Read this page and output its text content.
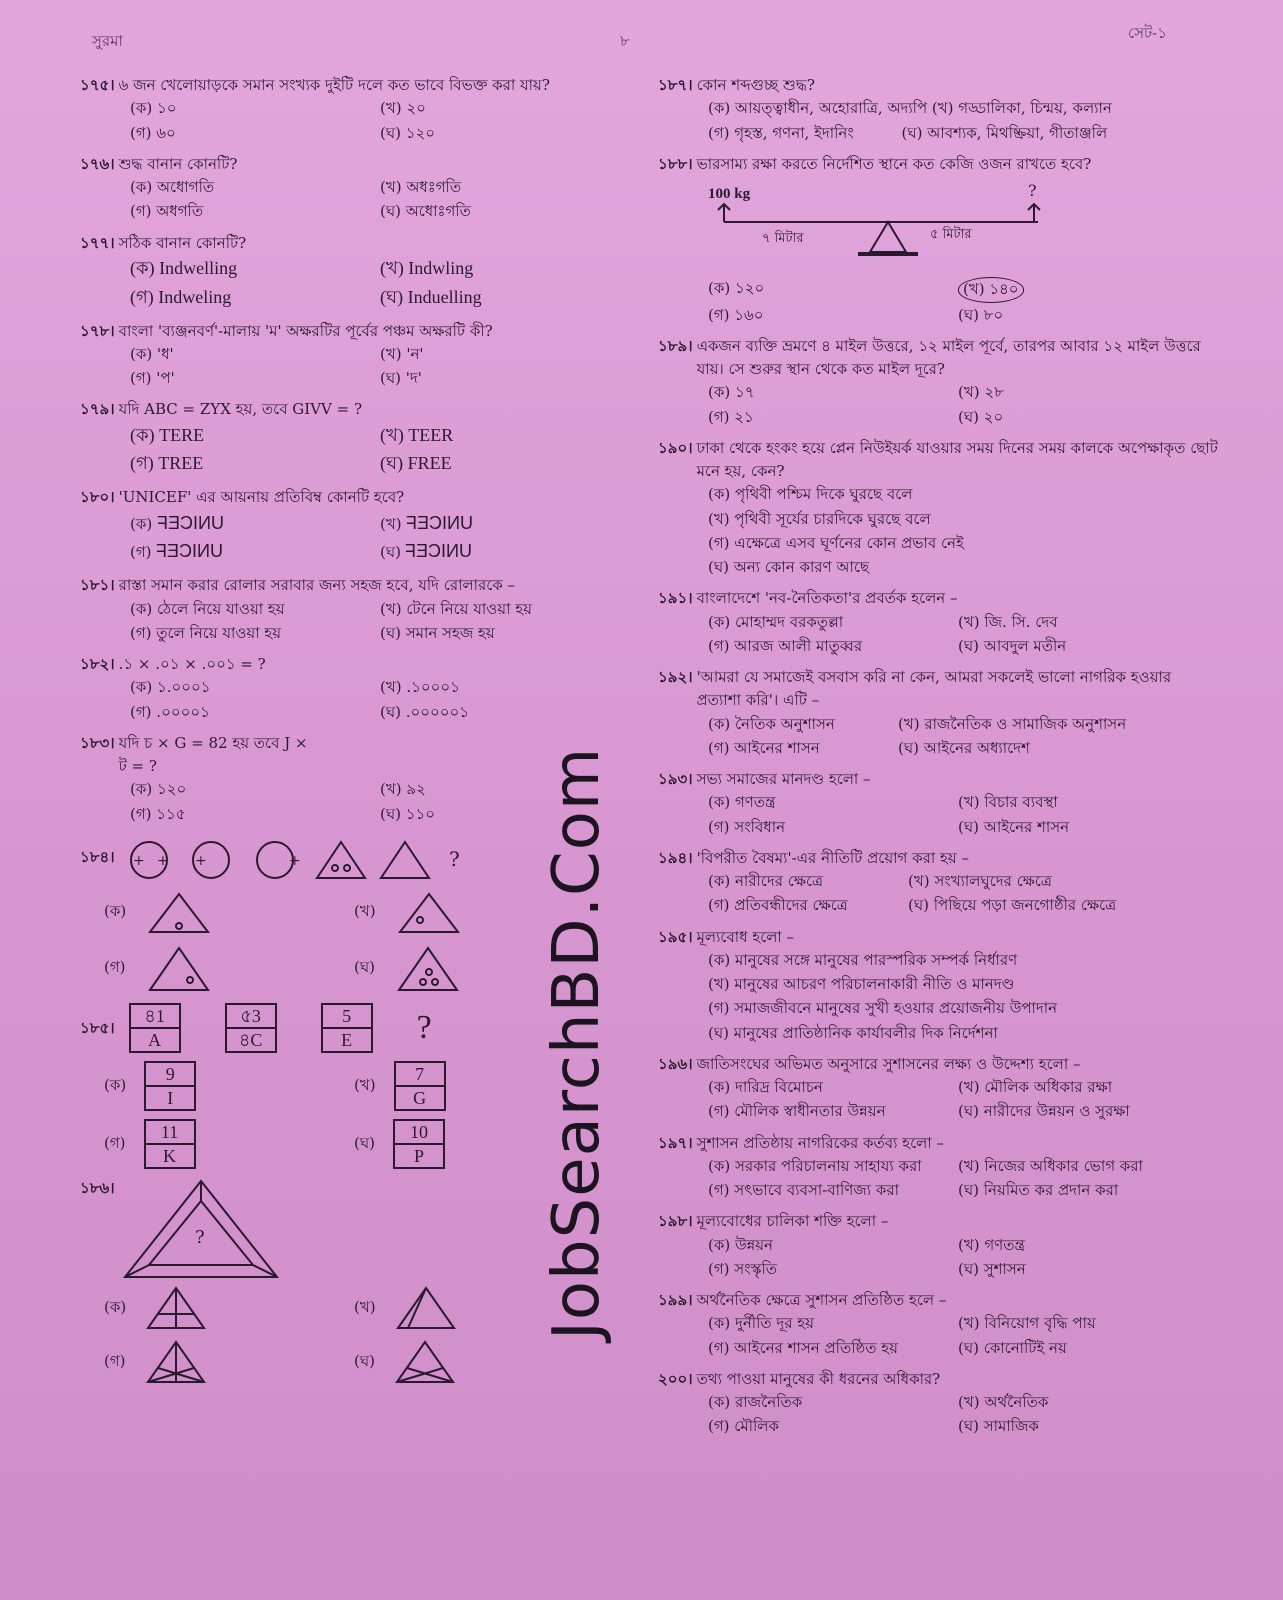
সুরমা	৮	সেট-১
JobSearchBD.Com
১৭৫। ৬ জন খেলোয়াড়কে সমান সংখ্যক দুইটি দলে কত ভাবে বিভক্ত করা যায়?
(ক) ১০	(খ) ২০
(গ) ৬০	(ঘ) ১২০
১৭৬। শুদ্ধ বানান কোনটি?
(ক) অধোগতি	(খ) অধঃগতি
(গ) অধগতি	(ঘ) অধোঃগতি
১৭৭। সঠিক বানান কোনটি?
(ক) Indwelling	(খ) Indwling
(গ) Indweling	(ঘ) Induelling
১৭৮। বাংলা 'ব্যঞ্জনবর্ণ'-মালায় 'ম' অক্ষরটির পূর্বের পঞ্চম অক্ষরটি কী?
(ক) 'ধ'	(খ) 'ন'
(গ) 'প'	(ঘ) 'দ'
১৭৯। যদি ABC = ZYX হয়, তবে GIVV = ?
(ক) TERE	(খ) TEER
(গ) TREE	(ঘ) FREE
১৮০। 'UNICEF' এর আয়নায় প্রতিবিম্ব কোনটি হবে?
(ক) UNICEF	(খ) UNICEF
(গ) UNICEF	(ঘ) UNICEF
১৮১। রাস্তা সমান করার রোলার সরাবার জন্য সহজ হবে, যদি রোলারকে –
(ক) ঠেলে নিয়ে যাওয়া হয়	(খ) টেনে নিয়ে যাওয়া হয়
(গ) তুলে নিয়ে যাওয়া হয়	(ঘ) সমান সহজ হয়
১৮২। .১ × .০১ × .০০১ = ?
(ক) ১.০০০১	(খ) .১০০০১
(গ) .০০০০১	(ঘ) .০০০০০১
১৮৩। যদি চ × G = 82 হয় তবে J × ট = ?
(ক) ১২০	(খ) ৯২
(গ) ১১৫	(ঘ) ১১০
১৮৪। + + +	+	?
(ক)	(খ)
(গ)	(ঘ)
১৮৫।
৪1
A
৫3
৪C
5
E	?
(ক)
9
I
(খ)
7
G
(গ)
11
K
(ঘ)
10
P
১৮৬।
?
(ক)	(খ)
(গ)	(ঘ)
১৮৭। কোন শব্দগুচ্ছ শুদ্ধ?
(ক) আয়ত্ত্বাধীন, অহোরাত্রি, অদ্যপি (খ) গড্ডালিকা, চিন্ময়, কল্যান
(গ) গৃহস্ত, গণনা, ইদানিং          (ঘ) আবশ্যক, মিথষ্ক্রিয়া, গীতাঞ্জলি
১৮৮। ভারসাম্য রক্ষা করতে নির্দেশিত স্থানে কত কেজি ওজন রাখতে হবে?
100 kg	?
৭ মিটার	৫ মিটার
(ক) ১২০	(খ) ১৪০
(গ) ১৬০	(ঘ) ৮০
১৮৯। একজন ব্যক্তি ভ্রমণে ৪ মাইল উত্তরে, ১২ মাইল পূর্বে, তারপর আবার ১২ মাইল উত্তরে যায়। সে শুরুর স্থান থেকে কত মাইল দূরে?
(ক) ১৭	(খ) ২৮
(গ) ২১	(ঘ) ২০
১৯০। ঢাকা থেকে হংকং হয়ে প্লেন নিউইয়র্ক যাওয়ার সময় দিনের সময় কালকে অপেক্ষাকৃত ছোট মনে হয়, কেন?
(ক) পৃথিবী পশ্চিম দিকে ঘুরছে বলে
(খ) পৃথিবী সূর্যের চারদিকে ঘুরছে বলে
(গ) এক্ষেত্রে এসব ঘূর্ণনের কোন প্রভাব নেই
(ঘ) অন্য কোন কারণ আছে
১৯১। বাংলাদেশে 'নব-নৈতিকতা'র প্রবর্তক হলেন –
(ক) মোহাম্মদ বরকতুল্লা	(খ) জি. সি. দেব
(গ) আরজ আলী মাতুব্বর	(ঘ) আবদুল মতীন
১৯২। 'আমরা যে সমাজেই বসবাস করি না কেন, আমরা সকলেই ভালো নাগরিক হওয়ার প্রত্যাশা করি'। এটি –
(ক) নৈতিক অনুশাসন	(খ) রাজনৈতিক ও সামাজিক অনুশাসন
(গ) আইনের শাসন	(ঘ) আইনের অধ্যাদেশ
১৯৩। সভ্য সমাজের মানদণ্ড হলো –
(ক) গণতন্ত্র	(খ) বিচার ব্যবস্থা
(গ) সংবিধান	(ঘ) আইনের শাসন
১৯৪। 'বিপরীত বৈষম্য'-এর নীতিটি প্রয়োগ করা হয় –
(ক) নারীদের ক্ষেত্রে	(খ) সংখ্যালঘুদের ক্ষেত্রে
(গ) প্রতিবন্ধীদের ক্ষেত্রে	(ঘ) পিছিয়ে পড়া জনগোষ্ঠীর ক্ষেত্রে
১৯৫। মূল্যবোধ হলো –
(ক) মানুষের সঙ্গে মানুষের পারস্পরিক সম্পর্ক নির্ধারণ
(খ) মানুষের আচরণ পরিচালনাকারী নীতি ও মানদণ্ড
(গ) সমাজজীবনে মানুষের সুখী হওয়ার প্রয়োজনীয় উপাদান
(ঘ) মানুষের প্রাতিষ্ঠানিক কার্যাবলীর দিক নির্দেশনা
১৯৬। জাতিসংঘের অভিমত অনুসারে সুশাসনের লক্ষ্য ও উদ্দেশ্য হলো –
(ক) দারিদ্র বিমোচন	(খ) মৌলিক অধিকার রক্ষা
(গ) মৌলিক স্বাধীনতার উন্নয়ন	(ঘ) নারীদের উন্নয়ন ও সুরক্ষা
১৯৭। সুশাসন প্রতিষ্ঠায় নাগরিকের কর্তব্য হলো –
(ক) সরকার পরিচালনায় সাহায্য করা	(খ) নিজের অধিকার ভোগ করা
(গ) সৎভাবে ব্যবসা-বাণিজ্য করা	(ঘ) নিয়মিত কর প্রদান করা
১৯৮। মূল্যবোধের চালিকা শক্তি হলো –
(ক) উন্নয়ন	(খ) গণতন্ত্র
(গ) সংস্কৃতি	(ঘ) সুশাসন
১৯৯। অর্থনৈতিক ক্ষেত্রে সুশাসন প্রতিষ্ঠিত হলে –
(ক) দুর্নীতি দূর হয়	(খ) বিনিয়োগ বৃদ্ধি পায়
(গ) আইনের শাসন প্রতিষ্ঠিত হয়	(ঘ) কোনোটিই নয়
২০০। তথ্য পাওয়া মানুষের কী ধরনের অধিকার?
(ক) রাজনৈতিক	(খ) অর্থনৈতিক
(গ) মৌলিক	(ঘ) সামাজিক
